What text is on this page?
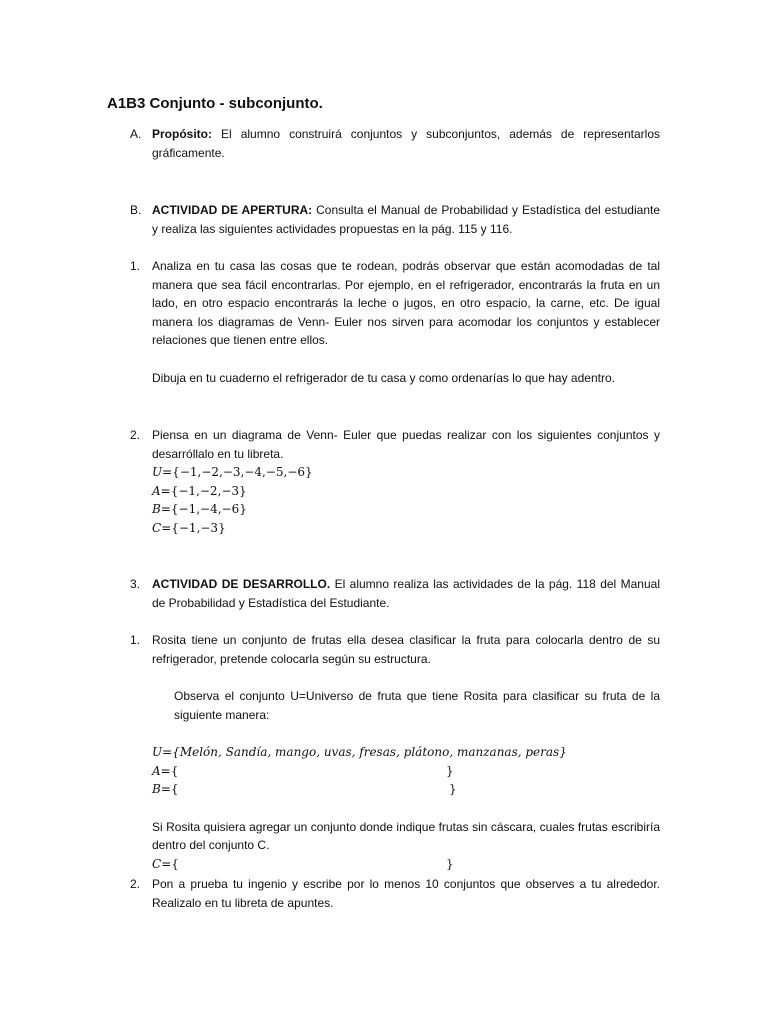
A1B3 Conjunto - subconjunto.
A. Propósito: El alumno construirá conjuntos y subconjuntos, además de representarlos gráficamente.

B. ACTIVIDAD DE APERTURA: Consulta el Manual de Probabilidad y Estadística del estudiante y realiza las siguientes actividades propuestas en la pág. 115 y 116.

1. Analiza en tu casa las cosas que te rodean, podrás observar que están acomodadas de tal manera que sea fácil encontrarlas. Por ejemplo, en el refrigerador, encontrarás la fruta en un lado, en otro espacio encontrarás la leche o jugos, en otro espacio, la carne, etc. De igual manera los diagramas de Venn- Euler nos sirven para acomodar los conjuntos y establecer relaciones que tienen entre ellos.

Dibuja en tu cuaderno el refrigerador de tu casa y como ordenarías lo que hay adentro.

2. Piensa en un diagrama de Venn- Euler que puedas realizar con los siguientes conjuntos y desarróllalo en tu libreta.

U={−1,−2,−3,−4,−5,−6}
A={−1,−2,−3}
B={−1,−4,−6}
C={−1,−3}
3. ACTIVIDAD DE DESARROLLO. El alumno realiza las actividades de la pág. 118 del Manual de Probabilidad y Estadística del Estudiante.

1. Rosita tiene un conjunto de frutas ella desea clasificar la fruta para colocarla dentro de su refrigerador, pretende colocarla según su estructura.

Observa el conjunto U=Universo de fruta que tiene Rosita para clasificar su fruta de la siguiente manera:

U={Melón, Sandía, mango, uvas, fresas, plátono, manzanas, peras}
A={	}
B={	}

Si Rosita quisiera agregar un conjunto donde indique frutas sin cáscara, cuales frutas escribiría dentro del conjunto C.

C={	}
2. Pon a prueba tu ingenio y escribe por lo menos 10 conjuntos que observes a tu alrededor. Realizalo en tu libreta de apuntes.
